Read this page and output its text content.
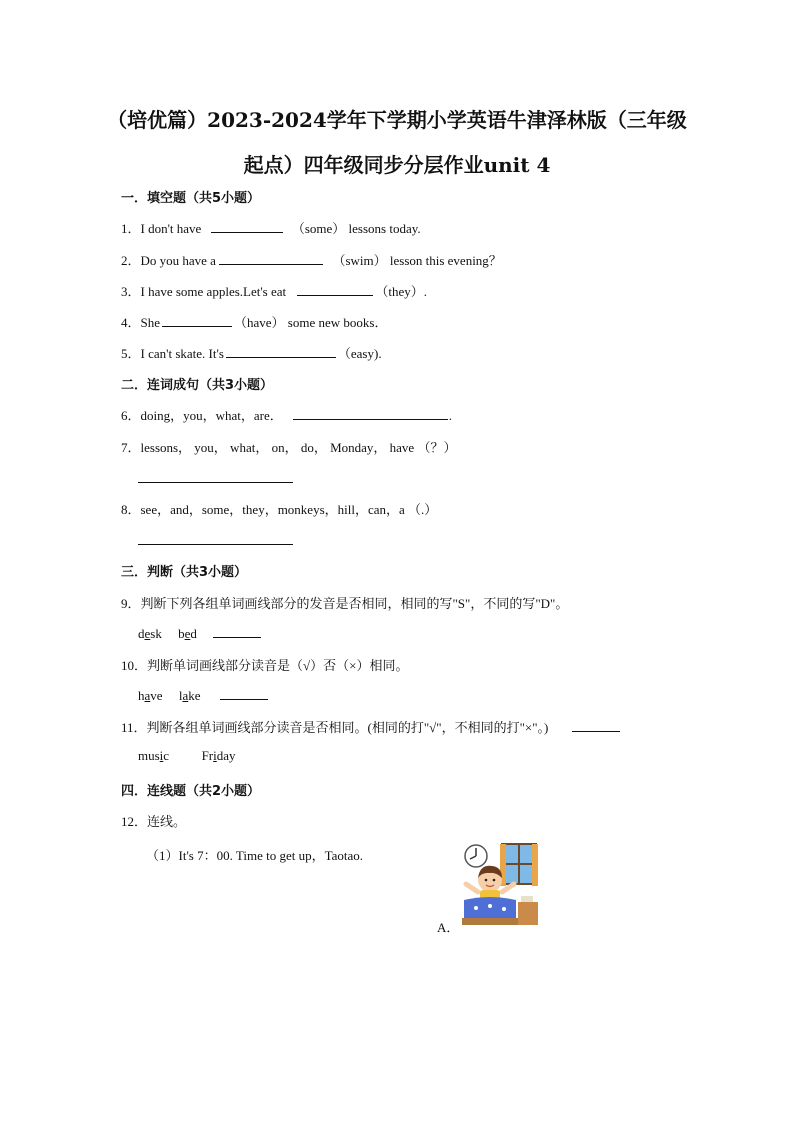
（培优篇）2023-2024学年下学期小学英语牛津泽林版（三年级
起点）四年级同步分层作业unit 4
一．填空题（共5小题）
1．I don't have	（some） lessons today.
2．Do you have a	（swim） lesson this evening？
3．I have some apples.Let's eat	（they）.
4．She	（have） some new books．
5．I can't skate. It's	（easy).
二．连词成句（共3小题）
6．doing，you，what，are．	.
7．lessons， you， what， on， do， Monday， have （？）
8．see，and，some，they，monkeys，hill，can，a （.）
三．判断（共3小题）
9．判断下列各组单词画线部分的发音是否相同，相同的写"S"，不同的写"D"。
desk bed
10．判断单词画线部分读音是（√）否（×）相同。
have lake
11．判断各组单词画线部分读音是否相同。(相同的打"√"，不相同的打"×"。)
music	Friday
四．连线题（共2小题）
12．连线。
（1）It's 7：00. Time to get up，Taotao.
A．
